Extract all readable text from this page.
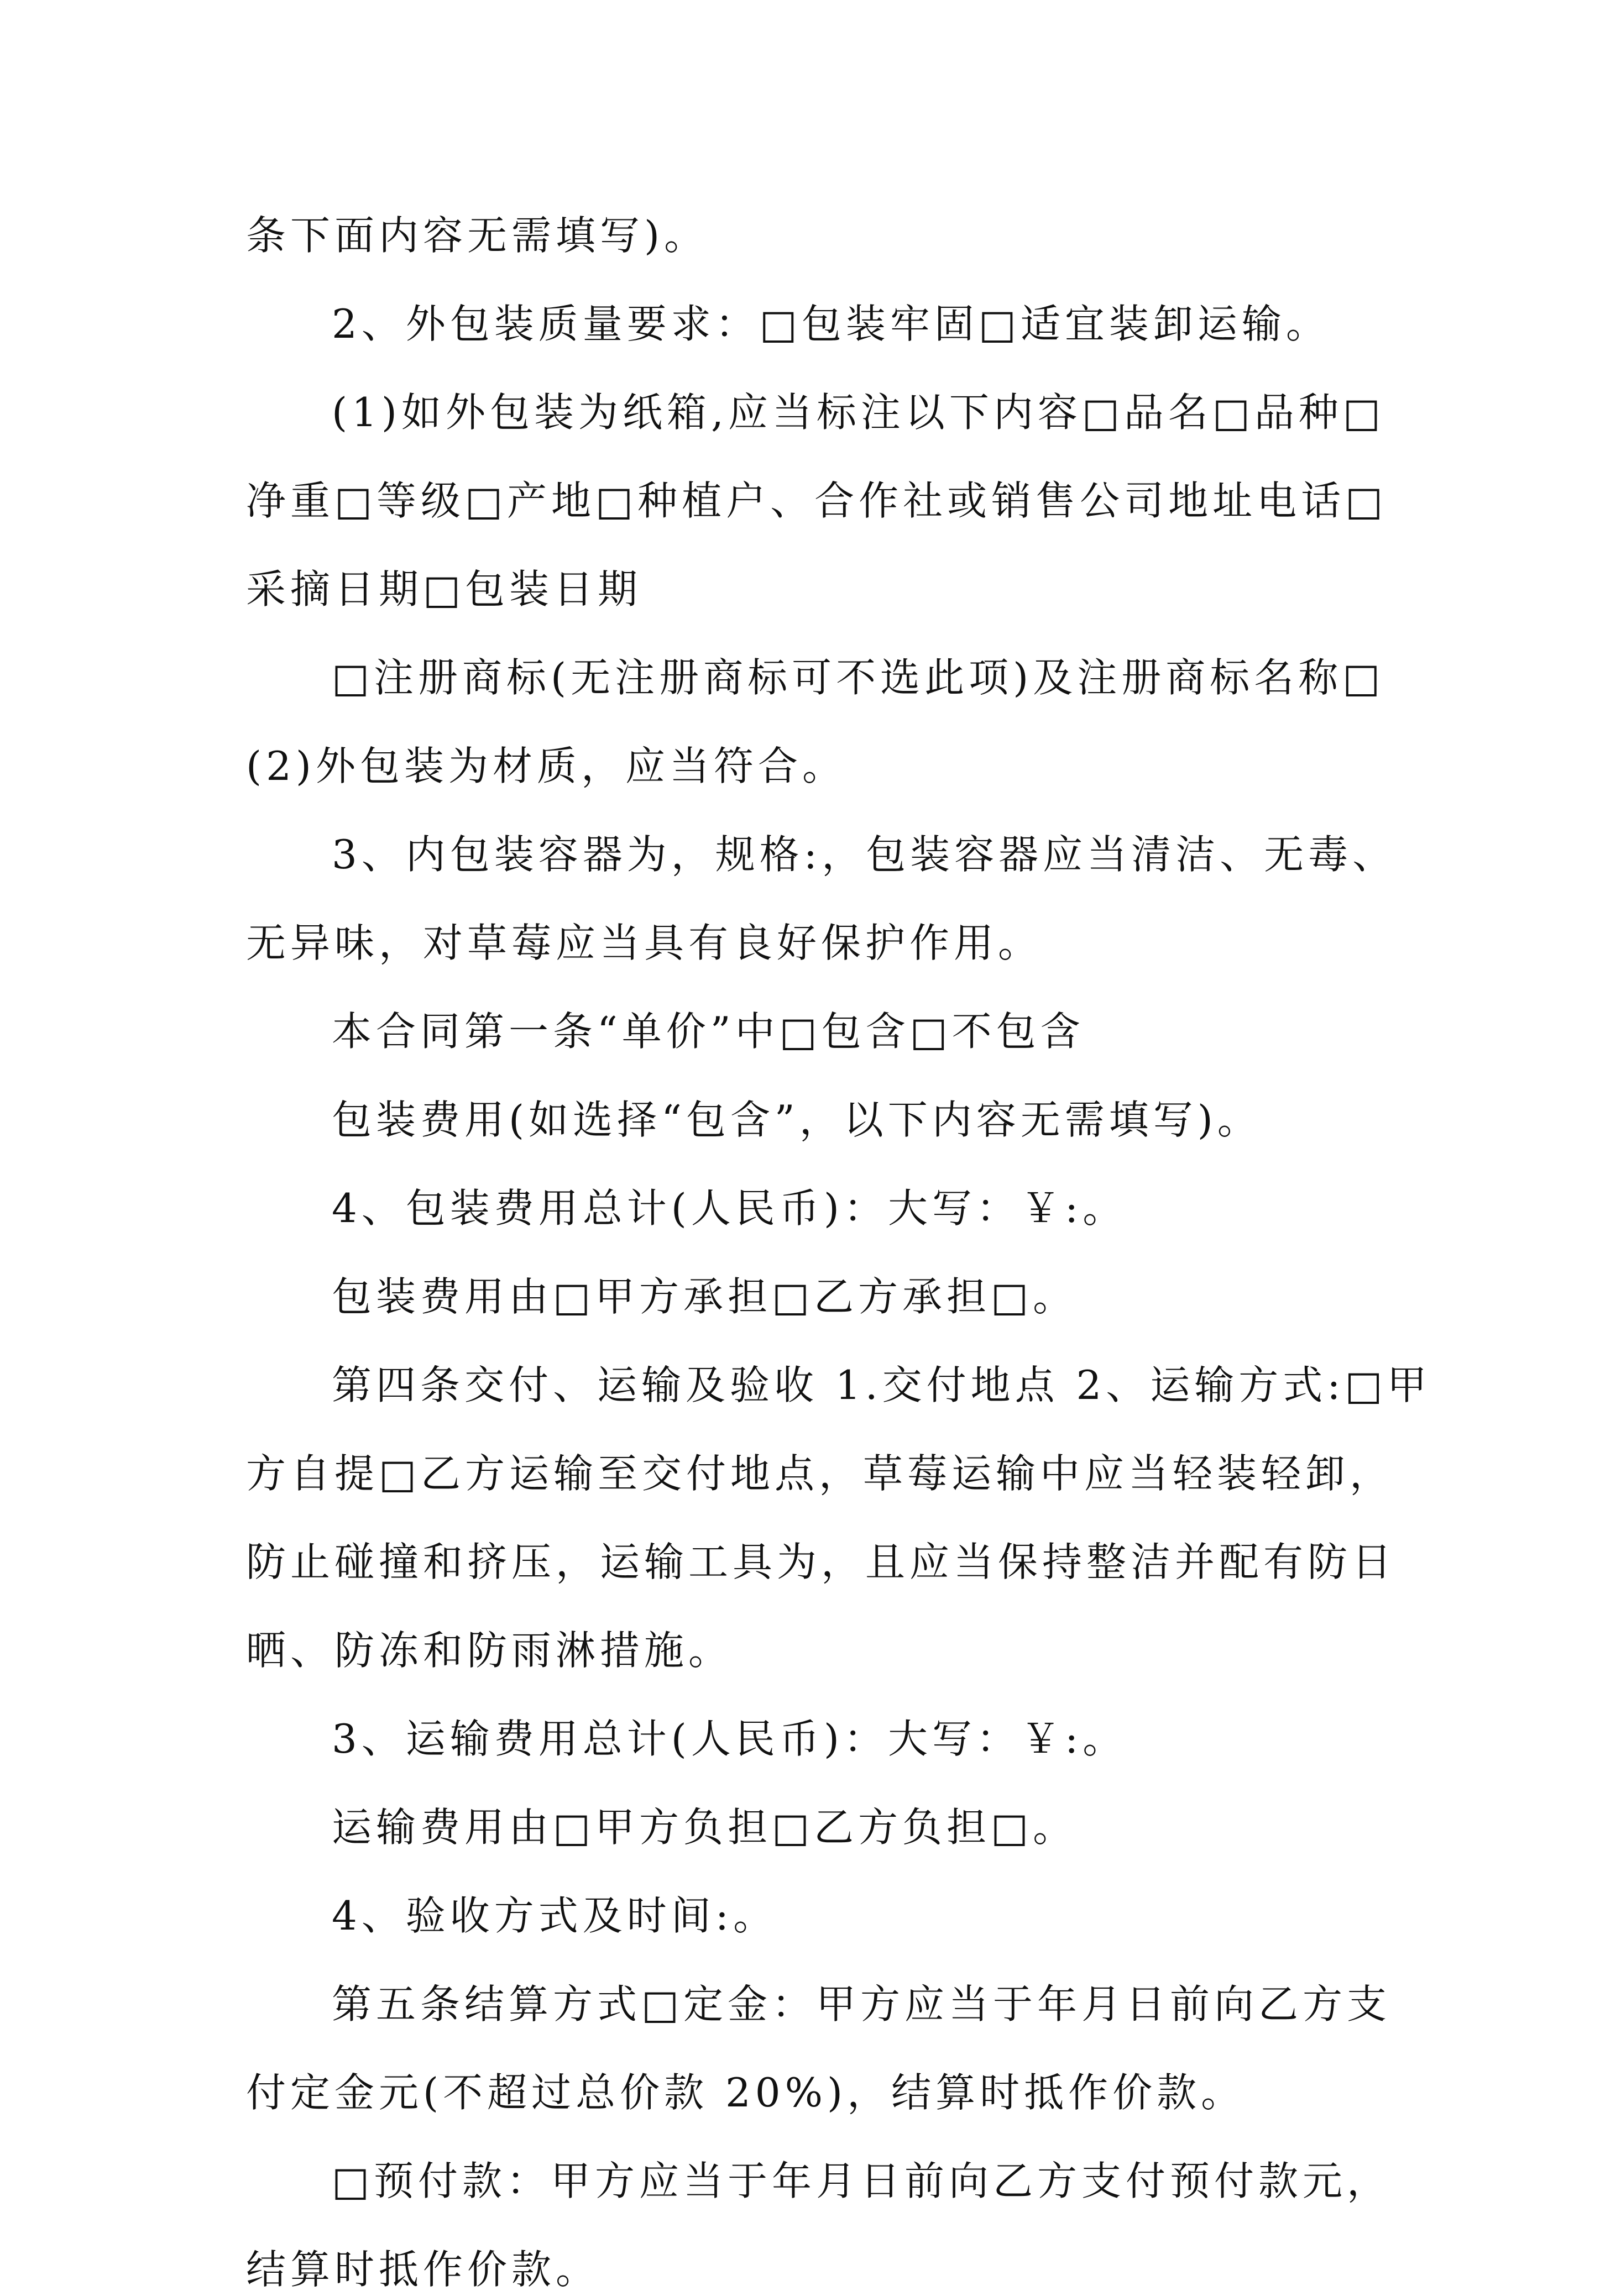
条下面内容无需填写)。

2、外包装质量要求：□包装牢固□适宜装卸运输。

(1)如外包装为纸箱,应当标注以下内容□品名□品种□

净重□等级□产地□种植户、合作社或销售公司地址电话□

采摘日期□包装日期

□注册商标(无注册商标可不选此项)及注册商标名称□

(2)外包装为材质，应当符合。

3、内包装容器为，规格:，包装容器应当清洁、无毒、

无异味，对草莓应当具有良好保护作用。

本合同第一条“单价”中□包含□不包含

包装费用(如选择“包含”，以下内容无需填写)。

4、包装费用总计(人民币)：大写：￥:。

包装费用由□甲方承担□乙方承担□。

第四条交付、运输及验收 1.交付地点 2、运输方式:□甲

方自提□乙方运输至交付地点，草莓运输中应当轻装轻卸，

防止碰撞和挤压，运输工具为，且应当保持整洁并配有防日

晒、防冻和防雨淋措施。

3、运输费用总计(人民币)：大写：￥:。

运输费用由□甲方负担□乙方负担□。

4、验收方式及时间:。

第五条结算方式□定金：甲方应当于年月日前向乙方支

付定金元(不超过总价款 20%)，结算时抵作价款。

□预付款：甲方应当于年月日前向乙方支付预付款元，

结算时抵作价款。
